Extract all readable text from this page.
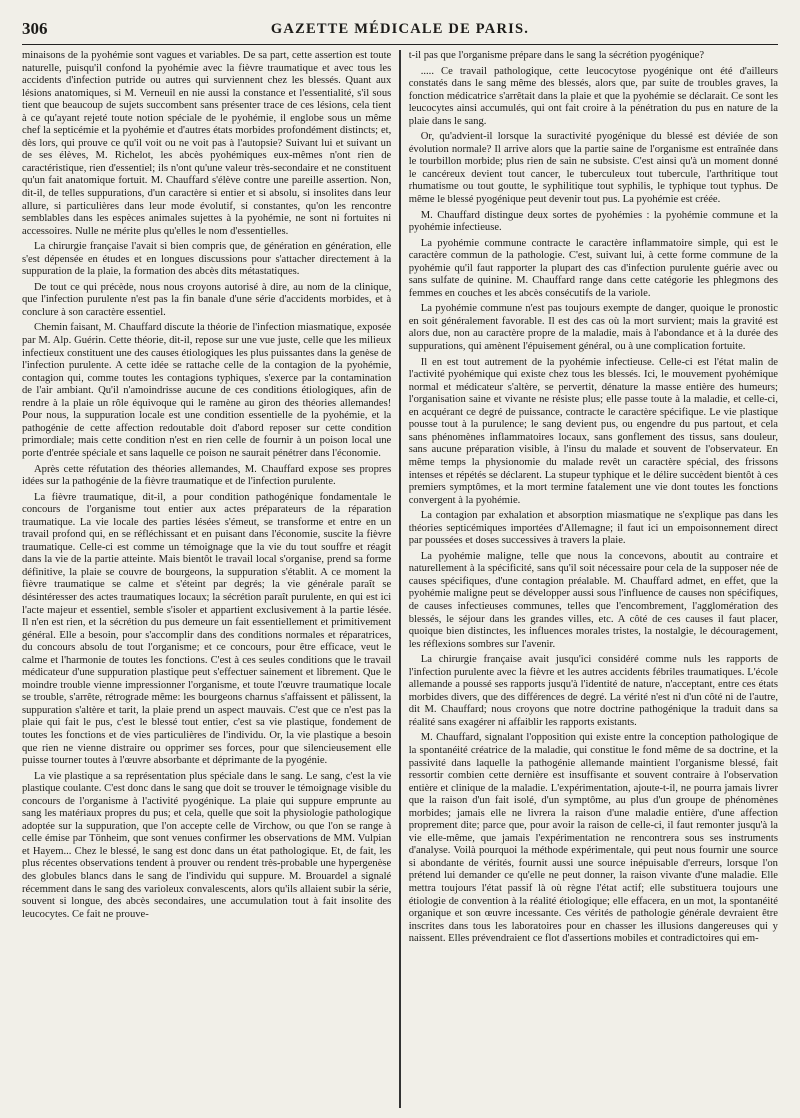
306	GAZETTE MÉDICALE DE PARIS.

minaisons de la pyohémie sont vagues et variables. De sa part, cette assertion est toute naturelle, puisqu'il confond la pyohémie avec la fièvre traumatique et avec tous les accidents d'infection putride ou autres qui surviennent chez les blessés. Quant aux lésions anatomiques, si M. Verneuil en nie aussi la constance et l'essentialité, s'il sous tient que beaucoup de sujets succombent sans présenter trace de ces lésions, cela tient à ce qu'ayant rejeté toute notion spéciale de le pyohémie, il englobe sous un même chef la septicémie et la pyohémie et d'autres états morbides profondément distincts; et, dès lors, qui prouve ce qu'il voit ou ne voit pas à l'autopsie? Suivant lui et suivant un de ses élèves, M. Richelot, les abcès pyohémiques eux-mêmes n'ont rien de caractéristique, rien d'essentiel; ils n'ont qu'une valeur très-secondaire et ne constituent qu'un fait anatomique fortuit. M. Chauffard s'élève contre une pareille assertion. Non, dit-il, de telles suppurations, d'un caractère si entier et si absolu, si insolites dans leur allure, si particulières dans leur mode évolutif, si constantes, qu'on les rencontre semblables dans les espèces animales sujettes à la pyohémie, ne sont ni fortuites ni accessoires. Nulle ne mérite plus qu'elles le nom d'essentielles.

La chirurgie française l'avait si bien compris que, de génération en génération, elle s'est dépensée en études et en longues discussions pour s'attacher directement à la suppuration de la plaie, la formation des abcès dits métastatiques.

De tout ce qui précède, nous nous croyons autorisé à dire, au nom de la clinique, que l'infection purulente n'est pas la fin banale d'une série d'accidents morbides, et à conclure à son caractère essentiel.

Chemin faisant, M. Chauffard discute la théorie de l'infection miasmatique, exposée par M. Alp. Guérin. Cette théorie, dit-il, repose sur une vue juste, celle que les milieux infectieux constituent une des causes étiologiques les plus puissantes dans la genèse de l'infection purulente. A cette idée se rattache celle de la contagion de la pyohémie, contagion qui, comme toutes les contagions typhiques, s'exerce par la contamination de l'air ambiant. Qu'il n'amoindrisse aucune de ces conditions étiologiques, afin de rendre à la plaie un rôle équivoque qui le ramène au giron des théories allemandes! Pour nous, la suppuration locale est une condition essentielle de la pyohémie, et la pathogénie de cette affection redoutable doit d'abord reposer sur cette condition primordiale; mais cette condition n'est en rien celle de fournir à un poison local une porte d'entrée spéciale et sans laquelle ce poison ne saurait pénétrer dans l'économie.

Après cette réfutation des théories allemandes, M. Chauffard expose ses propres idées sur la pathogénie de la fièvre traumatique et de l'infection purulente.

La fièvre traumatique, dit-il, a pour condition pathogénique fondamentale le concours de l'organisme tout entier aux actes préparateurs de la réparation traumatique. La vie locale des parties lésées s'émeut, se transforme et entre en un travail profond qui, en se réfléchissant et en puisant dans l'économie, suscite la fièvre traumatique. Celle-ci est comme un témoignage que la vie du tout souffre et réagit dans la vie de la partie atteinte. Mais bientôt le travail local s'organise, prend sa forme définitive, la plaie se couvre de bourgeons, la suppuration s'établit. A ce moment la fièvre traumatique se calme et s'éteint par degrés; la vie générale paraît se désintéresser des actes traumatiques locaux; la sécrétion paraît purulente, en qui est ici l'acte majeur et essentiel, semble s'isoler et appartient exclusivement à la partie lésée. Il n'en est rien, et la sécrétion du pus demeure un fait essentiellement et primitivement général. Elle a besoin, pour s'accomplir dans des conditions normales et réparatrices, du concours absolu de tout l'organisme; et ce concours, pour être efficace, veut le calme et l'harmonie de toutes les fonctions. C'est à ces seules conditions que le travail médicateur d'une suppuration plastique peut s'effectuer sainement et librement. Que le moindre trouble vienne impressionner l'organisme, et toute l'œuvre traumatique locale se trouble, s'arrête, rétrograde même: les bourgeons charnus s'affaissent et pâlissent, la suppuration s'altère et tarit, la plaie prend un aspect mauvais. C'est que ce n'est pas la plaie qui fait le pus, c'est le blessé tout entier, c'est sa vie plastique, fondement de toutes les fonctions et de vies particulières de l'individu. Or, la vie plastique a besoin que rien ne vienne distraire ou opprimer ses forces, pour que silencieusement elle puisse tourner toutes à l'œuvre absorbante et déprimante de la pyogénie.

La vie plastique a sa représentation plus spéciale dans le sang. Le sang, c'est la vie plastique coulante. C'est donc dans le sang que doit se trouver le témoignage visible du concours de l'organisme à l'activité pyogénique. La plaie qui suppure emprunte au sang les matériaux propres du pus; et cela, quelle que soit la physiologie pathologique adoptée sur la suppuration, que l'on accepte celle de Virchow, ou que l'on se range à celle émise par Tönheim, que sont venues confirmer les observations de MM. Vulpian et Hayem... Chez le blessé, le sang est donc dans un état pathologique. Et, de fait, les plus récentes observations tendent à prouver ou rendent très-probable une hypergenèse des globules blancs dans le sang de l'individu qui suppure. M. Brouardel a signalé récemment dans le sang des varioleux convalescents, alors qu'ils allaient subir la série, souvent si longue, des abcès secondaires, une accumulation tout à fait insolite des leucocytes. Ce fait ne prouve-

t-il pas que l'organisme prépare dans le sang la sécrétion pyogénique?

..... Ce travail pathologique, cette leucocytose pyogénique ont été d'ailleurs constatés dans le sang même des blessés, alors que, par suite de troubles graves, la fonction médicatrice s'arrêtait dans la plaie et que la pyohémie se déclarait. Ce sont les leucocytes ainsi accumulés, qui ont fait croire à la pénétration du pus en nature de la plaie dans le sang.

Or, qu'advient-il lorsque la suractivité pyogénique du blessé est déviée de son évolution normale? Il arrive alors que la partie saine de l'organisme est entraînée dans le tourbillon morbide; plus rien de sain ne subsiste. C'est ainsi qu'à un moment donné le cancéreux devient tout cancer, le tuberculeux tout tubercule, l'arthritique tout rhumatisme ou tout goutte, le syphilitique tout syphilis, le typhique tout typhus. De même le blessé pyogénique peut devenir tout pus. La pyohémie est créée.

M. Chauffard distingue deux sortes de pyohémies : la pyohémie commune et la pyohémie infectieuse.

La pyohémie commune contracte le caractère inflammatoire simple, qui est le caractère commun de la pathologie. C'est, suivant lui, à cette forme commune de la pyohémie qu'il faut rapporter la plupart des cas d'infection purulente guérie avec ou sans sulfate de quinine. M. Chauffard range dans cette catégorie les phlegmons des femmes en couches et les abcès consécutifs de la variole.

La pyohémie commune n'est pas toujours exempte de danger, quoique le pronostic en soit généralement favorable. Il est des cas où la mort survient; mais la gravité est alors due, non au caractère propre de la maladie, mais à l'abondance et à la durée des suppurations, qui amènent l'épuisement général, ou à une complication fortuite.

Il en est tout autrement de la pyohémie infectieuse. Celle-ci est l'état malin de l'activité pyohémique qui existe chez tous les blessés. Ici, le mouvement pyohémique normal et médicateur s'altère, se pervertit, dénature la masse entière des humeurs; l'organisation saine et vivante ne résiste plus; elle passe toute à la maladie, et celle-ci, en acquérant ce degré de puissance, contracte le caractère spécifique. Le vie plastique pousse tout à la purulence; le sang devient pus, ou engendre du pus partout, et cela sans phénomènes inflammatoires locaux, sans gonflement des tissus, sans douleur, sans aucune préparation visible, à l'insu du malade et souvent de l'observateur. En même temps la physionomie du malade revêt un caractère spécial, des frissons intenses et répétés se déclarent. La stupeur typhique et le délire succèdent bientôt à ces premiers symptômes, et la mort termine fatalement une vie dont toutes les fonctions convergent à la pyohémie.

La contagion par exhalation et absorption miasmatique ne s'explique pas dans les théories septicémiques importées d'Allemagne; il faut ici un empoisonnement direct par poussées et doses successives à travers la plaie.

La pyohémie maligne, telle que nous la concevons, aboutit au contraire et naturellement à la spécificité, sans qu'il soit nécessaire pour cela de la supposer née de causes spécifiques, d'une contagion préalable. M. Chauffard admet, en effet, que la pyohémie maligne peut se développer aussi sous l'influence de causes non spécifiques, de causes infectieuses communes, telles que l'encombrement, l'agglomération des blessés, le séjour dans les grandes villes, etc. A côté de ces causes il faut placer, quoique bien distinctes, les influences morales tristes, la nostalgie, le découragement, les réflexions sombres sur l'avenir.

La chirurgie française avait jusqu'ici considéré comme nuls les rapports de l'infection purulente avec la fièvre et les autres accidents fébriles traumatiques. L'école allemande a poussé ses rapports jusqu'à l'identité de nature, n'acceptant, entre ces états morbides divers, que des différences de degré. La vérité n'est ni d'un côté ni de l'autre, dit M. Chauffard; nous croyons que notre doctrine pathogénique la traduit dans sa réalité sans exagérer ni affaiblir les rapports existants.

M. Chauffard, signalant l'opposition qui existe entre la conception pathologique de la spontanéité créatrice de la maladie, qui constitue le fond même de sa doctrine, et la passivité dans laquelle la pathogénie allemande maintient l'organisme blessé, fait ressortir combien cette dernière est insuffisante et souvent contraire à l'observation entière et clinique de la maladie. L'expérimentation, ajoute-t-il, ne pourra jamais livrer que la raison d'un fait isolé, d'un symptôme, au plus d'un groupe de phénomènes morbides; jamais elle ne livrera la raison d'une maladie entière, d'une affection proprement dite; parce que, pour avoir la raison de celle-ci, il faut remonter jusqu'à la vie elle-même, que jamais l'expérimentation ne rencontrera sous ses instruments d'analyse. Voilà pourquoi la méthode expérimentale, qui peut nous fournir une source si abondante de vérités, fournit aussi une source inépuisable d'erreurs, lorsque l'on prétend lui demander ce qu'elle ne peut donner, la raison vivante d'une maladie. Elle mettra toujours l'état passif là où règne l'état actif; elle substituera toujours une étiologie de convention à la réalité étiologique; elle effacera, en un mot, la spontanéité organique et son œuvre incessante. Ces vérités de pathologie générale devraient être inscrites dans tous les laboratoires pour en chasser les illusions dangereuses qui y naissent. Elles prévendraient ce flot d'assertions mobiles et contradictoires qui em-
